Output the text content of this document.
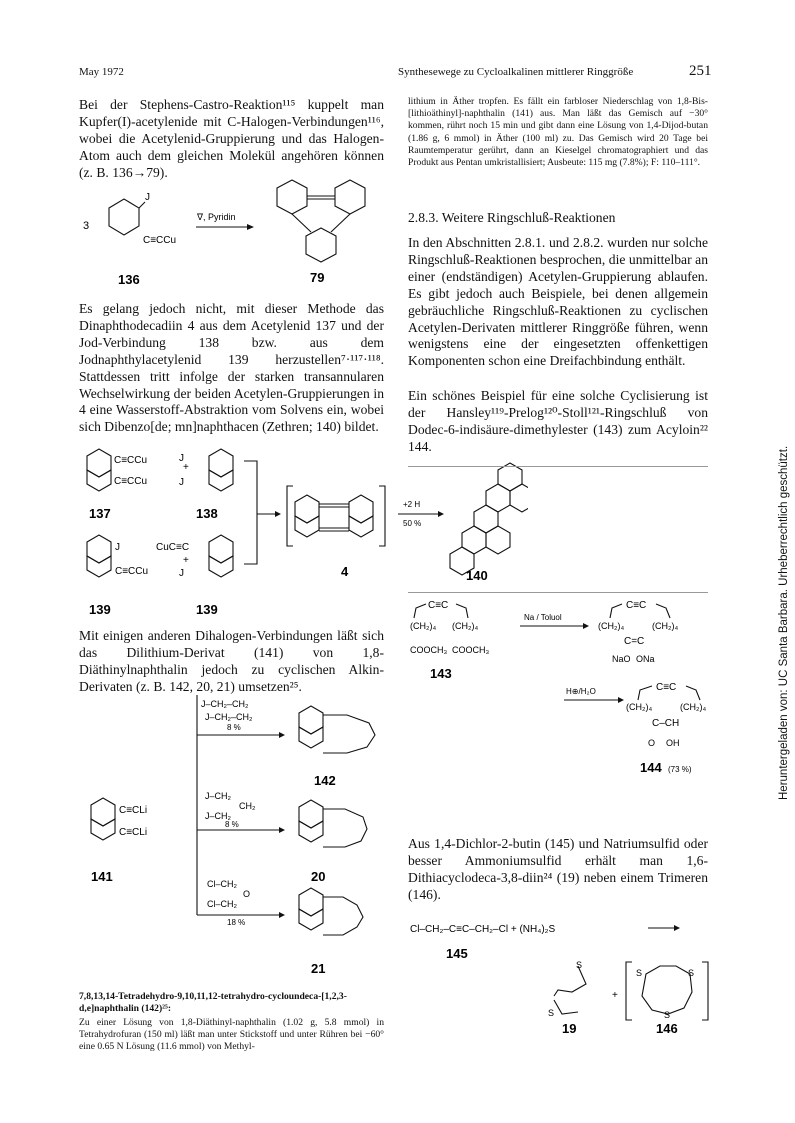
May 1972	Synthesewege zu Cycloalkalinen mittlerer Ringgröße	251
Heruntergeladen von: UC Santa Barbara. Urheberrechtlich geschützt.
Bei der Stephens-Castro-Reaktion¹¹⁵ kuppelt man Kupfer(I)-acetylenide mit C-Halogen-Verbindungen¹¹⁶, wobei die Acetylenid-Gruppierung und das Halogen-Atom auch dem gleichen Molekül angehören können (z. B. 136→79).
3
J
C≡CCu
136
∇, Pyridin
79
Es gelang jedoch nicht, mit dieser Methode das Dinaphthodecadiin 4 aus dem Acetylenid 137 und der Jod-Verbindung 138 bzw. aus dem Jodnaphthylacetylenid 139 herzustellen⁷·¹¹⁷·¹¹⁸. Stattdessen tritt infolge der starken transannularen Wechselwirkung der beiden Acetylen-Gruppierungen in 4 eine Wasserstoff-Abstraktion vom Solvens ein, wobei sich Dibenzo[de; mn]naphthacen (Zethren; 140) bildet.
C≡CCu
C≡CCu
+
J
J
137	138
J
C≡CCu
CuC≡C
+
J
139	139
4
+2 H
50 %
140
Mit einigen anderen Dihalogen-Verbindungen läßt sich das Dilithium-Derivat (141) von 1,8-Diäthinylnaphthalin jedoch zu cyclischen Alkin-Derivaten (z. B. 142, 20, 21) umsetzen²⁵.
C≡CLi
C≡CLi
141
J–CH₂–CH₂
J–CH₂–CH₂
8 %
J–CH₂
CH₂
J–CH₂
8 %
Cl–CH₂
O
Cl–CH₂
18 %
142
20
21
7,8,13,14-Tetradehydro-9,10,11,12-tetrahydro-cycloundeca-[1,2,3-d,e]naphthalin (142)²⁵:
Zu einer Lösung von 1,8-Diäthinyl-naphthalin (1.02 g, 5.8 mmol) in Tetrahydrofuran (150 ml) läßt man unter Stickstoff und unter Rühren bei −60° eine 0.65 N Lösung (11.6 mmol) von Methyl-
lithium in Äther tropfen. Es fällt ein farbloser Niederschlag von 1,8-Bis-[lithioäthinyl]-naphthalin (141) aus. Man läßt das Gemisch auf −30° kommen, rührt noch 15 min und gibt dann eine Lösung von 1,4-Dijod-butan (1.86 g, 6 mmol) in Äther (100 ml) zu. Das Gemisch wird 20 Tage bei Raumtemperatur gerührt, dann an Kieselgel chromatographiert und das Produkt aus Pentan umkristallisiert; Ausbeute: 115 mg (7.8%); F: 110–111°.
2.8.3. Weitere Ringschluß-Reaktionen
In den Abschnitten 2.8.1. und 2.8.2. wurden nur solche Ringschluß-Reaktionen besprochen, die unmittelbar an einer (endständigen) Acetylen-Gruppierung ablaufen. Es gibt jedoch auch Beispiele, bei denen allgemein gebräuchliche Ringschluß-Reaktionen zu cyclischen Acetylen-Derivaten mittlerer Ringgröße führen, wenn wenigstens eine der eingesetzten offenkettigen Komponenten schon eine Dreifachbindung enthält.
Ein schönes Beispiel für eine solche Cyclisierung ist der Hansley¹¹⁹-Prelog¹²⁰-Stoll¹²¹-Ringschluß von Dodec-6-indisäure-dimethylester (143) zum Acyloin²² 144.
C≡C
(CH₂)₄ (CH₂)₄
COOCH₃ COOCH₃
143
Na / Toluol
C≡C
(CH₂)₄	(CH₂)₄
C=C
NaO ONa
H⊕/H₂O	C≡C
(CH₂)₄	(CH₂)₄
C–CH
O OH
144 (73 %)
Aus 1,4-Dichlor-2-butin (145) und Natriumsulfid oder besser Ammoniumsulfid erhält man 1,6-Dithiacyclodeca-3,8-diin²⁴ (19) neben einem Trimeren (146).
Cl–CH₂–C≡C–CH₂–Cl + (NH₄)₂S
145
S
S
19
+
S	S
S
146
